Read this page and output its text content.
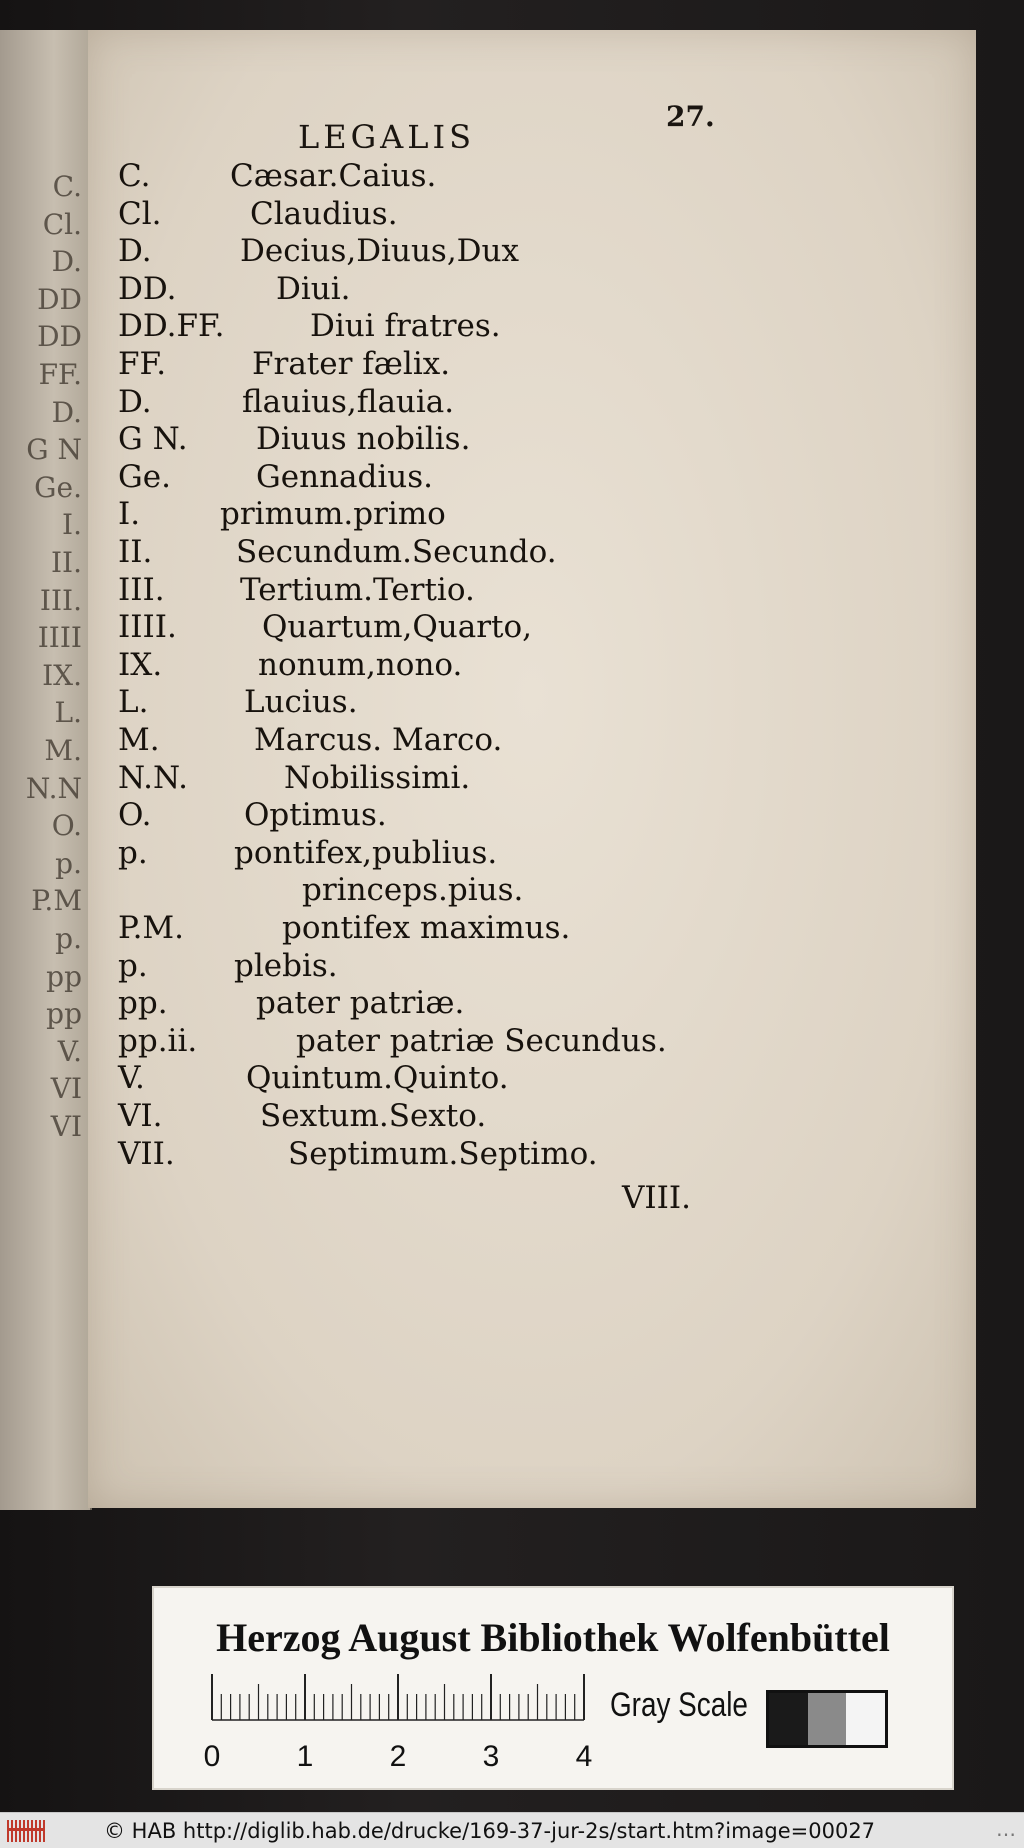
C.
Cl.
D.
DD
DD
FF.
D.
G N
Ge.
I.
II.
III.
IIII
IX.
L.
M.
N.N
O.
p.
P.M
p.
pp
pp
V.
VI
VI
LEGALIS
27.
C.	Cæsar.Caius.
Cl.	Claudius.
D.	Decius,Diuus,Dux
DD.	Diui.
DD.FF.	Diui fratres.
FF.	Frater fælix.
D.	flauius,flauia.
G N. Diuus nobilis.
Ge.	Gennadius.
I.	primum.primo
II.	Secundum.Secundo.
III. Tertium.Tertio.
IIII.	Quartum,Quarto,
IX.	nonum,nono.
L.	Lucius.
M.	Marcus. Marco.
N.N.	Nobilissimi.
O.	Optimus.
p.	pontifex,publius.
princeps.pius.
P.M.	pontifex maximus.
p.	plebis.
pp.	pater patriæ.
pp.ii.	pater patriæ Secundus.
V.	Quintum.Quinto.
VI.	Sextum.Sexto.
VII.	Septimum.Septimo.
VIII.
Herzog August Bibliothek Wolfenbüttel
0	1	2	3	4
Gray Scale
© HAB http://diglib.hab.de/drucke/169-37-jur-2s/start.htm?image=00027	…
